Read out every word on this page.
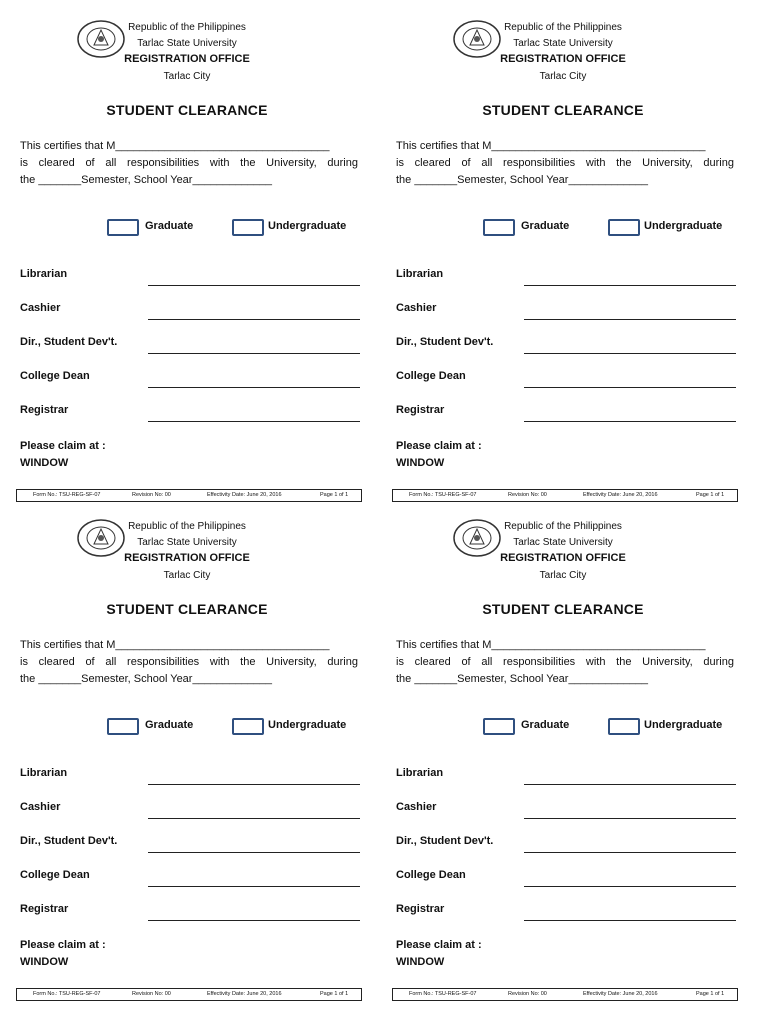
Republic of the Philippines
Tarlac State University
REGISTRATION OFFICE
Tarlac City
STUDENT CLEARANCE
This certifies that M___________________________________
is cleared of all responsibilities with the University, during
the _______Semester, School Year_____________
Graduate	Undergraduate
Librarian
Cashier
Dir., Student Dev't.
College Dean
Registrar
Please claim at :
WINDOW
Form No.: TSU-REG-SF-07	Revision No: 00	Effectivity Date: June 20, 2016	Page 1 of 1
Republic of the Philippines
Tarlac State University
REGISTRATION OFFICE
Tarlac City
STUDENT CLEARANCE
This certifies that M___________________________________
is cleared of all responsibilities with the University, during
the _______Semester, School Year_____________
Graduate	Undergraduate
Librarian
Cashier
Dir., Student Dev't.
College Dean
Registrar
Please claim at :
WINDOW
Form No.: TSU-REG-SF-07	Revision No: 00	Effectivity Date: June 20, 2016	Page 1 of 1
Republic of the Philippines
Tarlac State University
REGISTRATION OFFICE
Tarlac City
STUDENT CLEARANCE
This certifies that M___________________________________
is cleared of all responsibilities with the University, during
the _______Semester, School Year_____________
Graduate	Undergraduate
Librarian
Cashier
Dir., Student Dev't.
College Dean
Registrar
Please claim at :
WINDOW
Form No.: TSU-REG-SF-07	Revision No: 00	Effectivity Date: June 20, 2016	Page 1 of 1
Republic of the Philippines
Tarlac State University
REGISTRATION OFFICE
Tarlac City
STUDENT CLEARANCE
This certifies that M___________________________________
is cleared of all responsibilities with the University, during
the _______Semester, School Year_____________
Graduate	Undergraduate
Librarian
Cashier
Dir., Student Dev't.
College Dean
Registrar
Please claim at :
WINDOW
Form No.: TSU-REG-SF-07	Revision No: 00	Effectivity Date: June 20, 2016	Page 1 of 1
